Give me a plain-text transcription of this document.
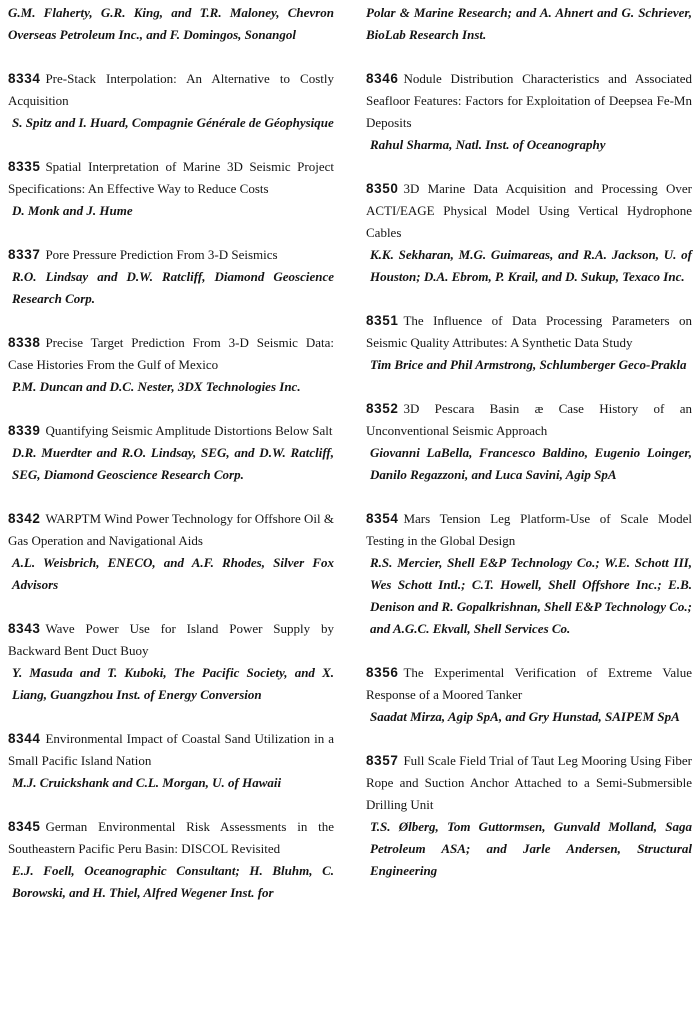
G.M. Flaherty, G.R. King, and T.R. Maloney, Chevron Overseas Petroleum Inc., and F. Domingos, Sonangol
8334 Pre-Stack Interpolation: An Alternative to Costly Acquisition
S. Spitz and I. Huard, Compagnie Générale de Géophysique
8335 Spatial Interpretation of Marine 3D Seismic Project Specifications: An Effective Way to Reduce Costs
D. Monk and J. Hume
8337 Pore Pressure Prediction From 3-D Seismics
R.O. Lindsay and D.W. Ratcliff, Diamond Geoscience Research Corp.
8338 Precise Target Prediction From 3-D Seismic Data: Case Histories From the Gulf of Mexico
P.M. Duncan and D.C. Nester, 3DX Technologies Inc.
8339 Quantifying Seismic Amplitude Distortions Below Salt
D.R. Muerdter and R.O. Lindsay, SEG, and D.W. Ratcliff, SEG, Diamond Geoscience Research Corp.
8342 WARPTM Wind Power Technology for Offshore Oil & Gas Operation and Navigational Aids
A.L. Weisbrich, ENECO, and A.F. Rhodes, Silver Fox Advisors
8343 Wave Power Use for Island Power Supply by Backward Bent Duct Buoy
Y. Masuda and T. Kuboki, The Pacific Society, and X. Liang, Guangzhou Inst. of Energy Conversion
8344 Environmental Impact of Coastal Sand Utilization in a Small Pacific Island Nation
M.J. Cruickshank and C.L. Morgan, U. of Hawaii
8345 German Environmental Risk Assessments in the Southeastern Pacific Peru Basin: DISCOL Revisited
E.J. Foell, Oceanographic Consultant; H. Bluhm, C. Borowski, and H. Thiel, Alfred Wegener Inst. for
Polar & Marine Research; and A. Ahnert and G. Schriever, BioLab Research Inst.
8346 Nodule Distribution Characteristics and Associated Seafloor Features: Factors for Exploitation of Deepsea Fe-Mn Deposits
Rahul Sharma, Natl. Inst. of Oceanography
8350 3D Marine Data Acquisition and Processing Over ACTI/EAGE Physical Model Using Vertical Hydrophone Cables
K.K. Sekharan, M.G. Guimareas, and R.A. Jackson, U. of Houston; D.A. Ebrom, P. Krail, and D. Sukup, Texaco Inc.
8351 The Influence of Data Processing Parameters on Seismic Quality Attributes: A Synthetic Data Study
Tim Brice and Phil Armstrong, Schlumberger Geco-Prakla
8352 3D Pescara Basin æ Case History of an Unconventional Seismic Approach
Giovanni LaBella, Francesco Baldino, Eugenio Loinger, Danilo Regazzoni, and Luca Savini, Agip SpA
8354 Mars Tension Leg Platform-Use of Scale Model Testing in the Global Design
R.S. Mercier, Shell E&P Technology Co.; W.E. Schott III, Wes Schott Intl.; C.T. Howell, Shell Offshore Inc.; E.B. Denison and R. Gopalkrishnan, Shell E&P Technology Co.; and A.G.C. Ekvall, Shell Services Co.
8356 The Experimental Verification of Extreme Value Response of a Moored Tanker
Saadat Mirza, Agip SpA, and Gry Hunstad, SAIPEM SpA
8357 Full Scale Field Trial of Taut Leg Mooring Using Fiber Rope and Suction Anchor Attached to a Semi-Submersible Drilling Unit
T.S. Ølberg, Tom Guttormsen, Gunvald Molland, Saga Petroleum ASA; and Jarle Andersen, Structural Engineering
